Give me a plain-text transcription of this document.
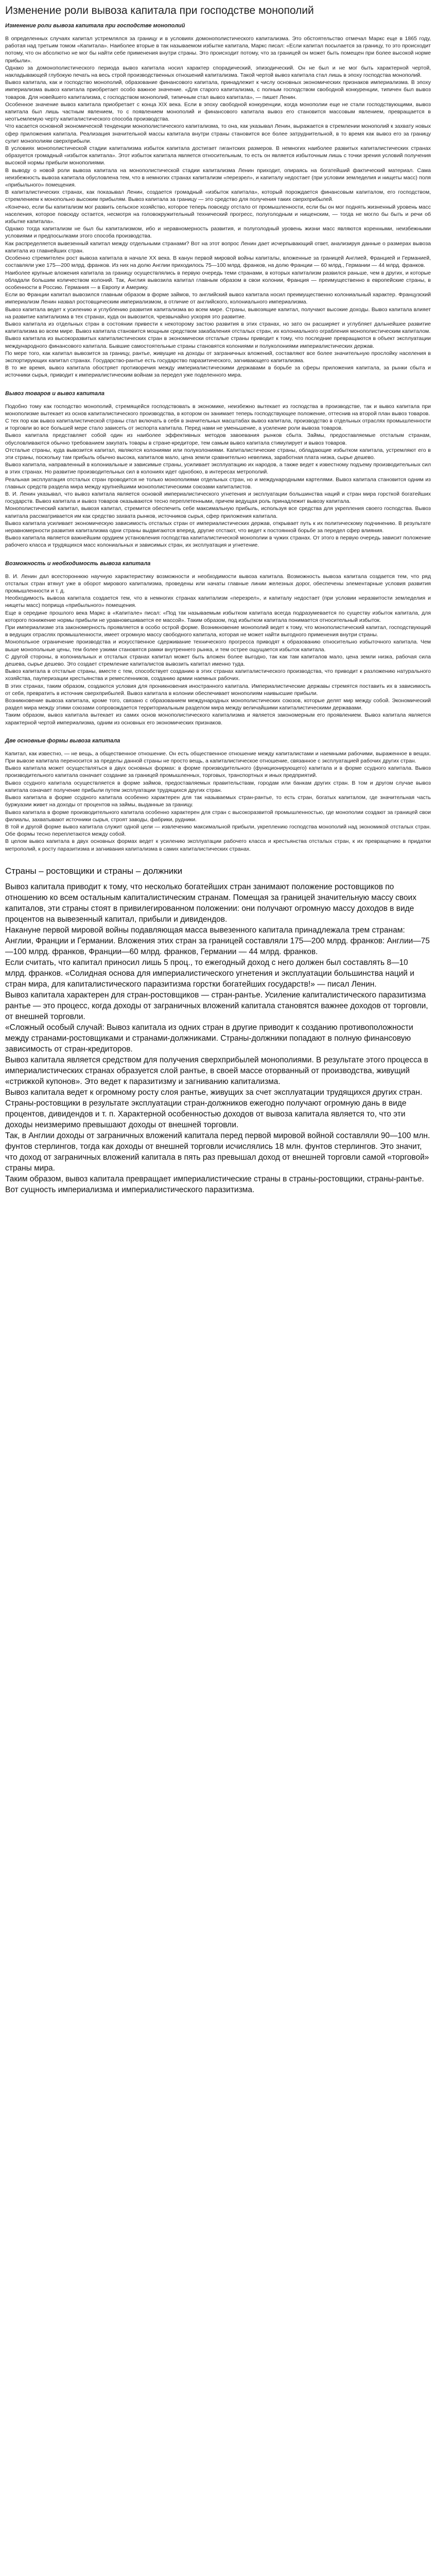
Изменение роли вывоза капитала при господстве монополий
Изменение роли вывоза капитала при господстве монополий

В определенных случаях капитал устремлялся за границу и в условиях домонополистического капитализма. Это обстоятельство отмечал Маркс еще в 1865 году, работая над третьим томом «Капитала». Наиболее вторые в так называемом избытке капитала, Маркс писал: «Если капитал посылается за границу, то это происходит потому, что он абсолютно не мог бы найти себе применения внутри страны. Это происходит потому, что за границей он может быть помещен при более высокой норме прибыли».

Однако за домонополистического периода вывоз капитала носил характер спорадический, эпизодический. Он не был и не мог быть характерной чертой, накладывающей глубокую печать на весь строй производственных отношений капитализма. Такой чертой вывоз капитала стал лишь в эпоху господства монополий.

Вывоз капитала, как и господство монополий, образование финансового капитала, принадлежит к числу основных экономических признаков империализма. В эпоху империализма вывоз капитала приобретает особо важное значение. «Для старого капитализма, с полным господством свободной конкуренции, типичен был вывоз товаров. Для новейшего капитализма, с господством монополий, типичным стал вывоз капитала», — пишет Ленин.

Особенное значение вывоз капитала приобретает с конца XIX века. Если в эпоху свободной конкуренции, когда монополии еще не стали господствующими, вывоз капитала был лишь частным явлением, то с появлением монополий и финансового капитала вывоз его становится массовым явлением, превращается в неотъемлемую черту капиталистического способа производства.

Что касается основной экономической тенденции монополистического капитализма, то она, как указывал Ленин, выражается в стремлении монополий к захвату новых сфер приложения капитала. Реализация значительной массы капитала внутри страны становится все более затруднительной, в то время как вывоз его за границу сулит монополиям сверхприбыли.

В условиях монополистической стадии капитализма избыток капитала достигает гигантских размеров. В немногих наиболее развитых капиталистических странах образуется громадный «избыток капитала». Этот избыток капитала является относительным, то есть он является избыточным лишь с точки зрения условий получения высокой нормы прибыли монополиями.

В выводу о новой роли вывоза капитала на монополистической стадии капитализма Ленин приходит, опираясь на богатейший фактический материал. Сама неизбежность вывоза капитала обусловлена тем, что в немногих странах капитализм «перезрел», и капиталу недостает (при условии земледелия и нищеты масс) поля «прибыльного» помещения.

В капиталистических странах, как показывал Ленин, создается громадный «избыток капитала», который порождается финансовым капиталом, его господством, стремлением к монопольно высоким прибылям. Вывоз капитала за границу — это средство для получения таких сверхприбылей.

«Конечно, если бы капитализм мог развить сельское хозяйство, которое теперь повсюду отстало от промышленности, если бы он мог поднять жизненный уровень масс населения, которое повсюду остается, несмотря на головокружительный технический прогресс, полуголодным и нищенским, — тогда не могло бы быть и речи об избытке капитала».

Однако тогда капитализм не был бы капитализмом, ибо и неравномерность развития, и полуголодный уровень жизни масс являются коренными, неизбежными условиями и предпосылками этого способа производства.

Как распределяется вывезенный капитал между отдельными странами? Вот на этот вопрос Ленин дает исчерпывающий ответ, анализируя данные о размерах вывоза капитала из главнейших стран.

Особенно стремителен рост вывоза капитала в начале XX века. В канун первой мировой войны капиталы, вложенные за границей Англией, Францией и Германией, составляли уже 175—200 млрд. франков. Из них на долю Англии приходилось 75—100 млрд. франков, на долю Франции — 60 млрд., Германии — 44 млрд. франков.

Наиболее крупные вложения капитала за границу осуществлялись в первую очередь теми странами, в которых капитализм развился раньше, чем в других, и которые обладали большим количеством колоний. Так, Англия вывозила капитал главным образом в свои колонии, Франция — преимущественно в европейские страны, в особенности в Россию. Германия — в Европу и Америку.

Если во Франции капитал вывозился главным образом в форме займов, то английский вывоз капитала носил преимущественно колониальный характер. Французский империализм Ленин назвал ростовщическим империализмом, в отличие от английского, колониального империализма.

Вывоз капитала ведет к усилению и углублению развития капитализма во всем мире. Страны, вывозящие капитал, получают высокие доходы. Вывоз капитала влияет на развитие капитализма в тех странах, куда он вывозится, чрезвычайно ускоряя это развитие.

Вывоз капитала из отдельных стран в состоянии привести к некоторому застою развития в этих странах, но зато он расширяет и углубляет дальнейшее развитие капитализма во всем мире. Вывоз капитала становится мощным средством закабаления отсталых стран, их колониального ограбления монополистическим капиталом.

Вывоз капитала из высокоразвитых капиталистических стран в экономически отсталые страны приводит к тому, что последние превращаются в объект эксплуатации международного финансового капитала. Бывшие самостоятельные страны становятся колониями и полуколониями империалистических держав.

По мере того, как капитал вывозится за границу, рантье, живущие на доходы от заграничных вложений, составляют все более значительную прослойку населения в экспортирующих капитал странах. Государство-рантье есть государство паразитического, загнивающего капитализма.

В то же время, вывоз капитала обостряет противоречия между империалистическими державами в борьбе за сферы приложения капитала, за рынки сбыта и источники сырья, приводит к империалистическим войнам за передел уже поделенного мира.

Вывоз товаров и вывоз капитала

Подобно тому как господство монополий, стремящейся господствовать в экономике, неизбежно вытекает из господства в производстве, так и вывоз капитала при монополизме вытекает из основ капиталистического производства, в котором он занимает теперь господствующее положение, оттеснив на второй план вывоз товаров.

С тех пор как вывоз капиталистической страны стал включать в себя в значительных масштабах вывоз капитала, производство в отдельных отраслях промышленности и торговли во все большей мере стало зависеть от экспорта капитала. Перед нами не уменьшение, а усиление роли вывоза товаров.

Вывоз капитала представляет собой один из наиболее эффективных методов завоевания рынков сбыта. Займы, предоставляемые отсталым странам, обусловливаются обычно требованием закупать товары в стране-кредиторе, тем самым вывоз капитала стимулирует и вывоз товаров.

Отсталые страны, куда вывозится капитал, являются колониями или полуколониями. Капиталистические страны, обладающие избытком капитала, устремляют его в эти страны, поскольку там прибыль обычно высока, капиталов мало, цена земли сравнительно невелика, заработная плата низка, сырье дешево.

Вывоз капитала, направленный в колониальные и зависимые страны, усиливает эксплуатацию их народов, а также ведет к известному подъему производительных сил в этих странах. Но развитие производительных сил в колониях идет однобоко, в интересах метрополий.

Реальная эксплуатация отсталых стран проводится не только монополиями отдельных стран, но и международными картелями. Вывоз капитала становится одним из главных средств раздела мира между крупнейшими монополистическими союзами капиталистов.

В. И. Ленин указывал, что вывоз капитала является основой империалистического угнетения и эксплуатации большинства наций и стран мира горсткой богатейших государств. Вывоз капитала и вывоз товаров оказываются тесно переплетенными, причем ведущая роль принадлежит вывозу капитала.

Монополистический капитал, вывозя капитал, стремится обеспечить себе максимальную прибыль, используя все средства для укрепления своего господства. Вывоз капитала рассматривается им как средство захвата рынков, источников сырья, сфер приложения капитала.

Вывоз капитала усиливает экономическую зависимость отсталых стран от империалистических держав, открывает путь к их политическому подчинению. В результате неравномерности развития капитализма одни страны выдвигаются вперед, другие отстают, что ведет к постоянной борьбе за передел сфер влияния.

Вывоз капитала является важнейшим орудием установления господства капиталистической монополии в чужих странах. От этого в первую очередь зависит положение рабочего класса и трудящихся масс колониальных и зависимых стран, их эксплуатация и угнетение.

Возможность и необходимость вывоза капитала

В. И. Ленин дал всестороннюю научную характеристику возможности и необходимости вывоза капитала. Возможность вывоза капитала создается тем, что ряд отсталых стран втянут уже в оборот мирового капитализма, проведены или начаты главные линии железных дорог, обеспечены элементарные условия развития промышленности и т. д.

Необходимость вывоза капитала создается тем, что в немногих странах капитализм «перезрел», и капиталу недостает (при условии неразвитости земледелия и нищеты масс) поприща «прибыльного» помещения.

Еще в середине прошлого века Маркс в «Капитале» писал: «Под так называемым избытком капитала всегда подразумевается по существу избыток капитала, для которого понижение нормы прибыли не уравновешивается ее массой». Таким образом, под избытком капитала понимается относительный избыток.

При империализме эта закономерность проявляется в особо острой форме. Возникновение монополий ведет к тому, что монополистический капитал, господствующий в ведущих отраслях промышленности, имеет огромную массу свободного капитала, которая не может найти выгодного применения внутри страны.

Монопольное ограничение производства и искусственное сдерживание технического прогресса приводят к образованию относительно избыточного капитала. Чем выше монопольные цены, тем более узкими становятся рамки внутреннего рынка, и тем острее ощущается избыток капитала.

С другой стороны, в колониальных и отсталых странах капитал может быть вложен более выгодно, так как там капиталов мало, цена земли низка, рабочая сила дешева, сырье дешево. Это создает стремление капиталистов вывозить капитал именно туда.

Вывоз капитала в отсталые страны, вместе с тем, способствует созданию в этих странах капиталистического производства, что приводит к разложению натурального хозяйства, пауперизации крестьянства и ремесленников, созданию армии наемных рабочих.

В этих странах, таким образом, создаются условия для проникновения иностранного капитала. Империалистические державы стремятся поставить их в зависимость от себя, превратить в источник сверхприбылей. Вывоз капитала в колонии обеспечивает монополиям наивысшие прибыли.

Возникновение вывоза капитала, кроме того, связано с образованием международных монополистических союзов, которые делят мир между собой. Экономический раздел мира между этими союзами сопровождается территориальным разделом мира между величайшими капиталистическими державами.

Таким образом, вывоз капитала вытекает из самих основ монополистического капитализма и является закономерным его проявлением. Вывоз капитала является характерной чертой империализма, одним из основных его экономических признаков.

Две основные формы вывоза капитала

Капитал, как известно, — не вещь, а общественное отношение. Он есть общественное отношение между капиталистами и наемными рабочими, выраженное в вещах. При вывозе капитала переносится за пределы данной страны не просто вещь, а капиталистическое отношение, связанное с эксплуатацией рабочих других стран.

Вывоз капитала может осуществляться в двух основных формах: в форме производительного (функционирующего) капитала и в форме ссудного капитала. Вывоз производительного капитала означает создание за границей промышленных, торговых, транспортных и иных предприятий.

Вывоз ссудного капитала осуществляется в форме займов, предоставляемых правительствам, городам или банкам других стран. В том и другом случае вывоз капитала означает получение прибыли путем эксплуатации трудящихся других стран.

Вывоз капитала в форме ссудного капитала особенно характерен для так называемых стран-рантье, то есть стран, богатых капиталом, где значительная часть буржуазии живет на доходы от процентов на займы, выданные за границу.

Вывоз капитала в форме производительного капитала особенно характерен для стран с высокоразвитой промышленностью, где монополии создают за границей свои филиалы, захватывают источники сырья, строят заводы, фабрики, рудники.

В той и другой форме вывоз капитала служит одной цели — извлечению максимальной прибыли, укреплению господства монополий над экономикой отсталых стран. Обе формы тесно переплетаются между собой.

В целом вывоз капитала в двух основных формах ведет к усилению эксплуатации рабочего класса и крестьянства отсталых стран, к их превращению в придатки метрополий, к росту паразитизма и загнивания капитализма в самих капиталистических странах.

Страны – ростовщики и страны – должники

Вывоз капитала приводит к тому, что несколько богатейших стран занимают положение ростовщиков по отношению ко всем остальным капиталистическим странам. Помещая за границей значительную массу своих капиталов, эти страны стоят в привилегированном положении: они получают огромную массу доходов в виде процентов на вывезенный капитал, прибыли и дивидендов.

Накануне первой мировой войны подавляющая масса вывезенного капитала принадлежала трем странам: Англии, Франции и Германии. Вложения этих стран за границей составляли 175—200 млрд. франков: Англии—75—100 млрд. франков, Франции—60 млрд. франков, Германии — 44 млрд. франков.

Если считать, что капитал приносил лишь 5 проц., то ежегодный доход с него должен был составлять 8—10 млрд. франков. «Солидная основа для империалистического угнетения и эксплуатации большинства наций и стран мира, для капиталистического паразитизма горстки богатейших государств!» — писал Ленин.

Вывоз капитала характерен для стран-ростовщиков — стран-рантье. Усиление капиталистического паразитизма рантье — это процесс, когда доходы от заграничных вложений капитала становятся важнее доходов от торговли, от внешней торговли.

«Сложный особый случай: Вывоз капитала из одних стран в другие приводит к созданию противоположности между странами-ростовщиками и странами-должниками. Страны-должники попадают в полную финансовую зависимость от стран-кредиторов.

Вывоз капитала является средством для получения сверхприбылей монополиями. В результате этого процесса в империалистических странах образуется слой рантье, в своей массе оторванный от производства, живущий «стрижкой купонов». Это ведет к паразитизму и загниванию капитализма.

Вывоз капитала ведет к огромному росту слоя рантье, живущих за счет эксплуатации трудящихся других стран. Страны-ростовщики в результате эксплуатации стран-должников ежегодно получают огромную дань в виде процентов, дивидендов и т. п. Характерной особенностью доходов от вывоза капитала является то, что эти доходы неизмеримо превышают доходы от внешней торговли.

Так, в Англии доходы от заграничных вложений капитала перед первой мировой войной составляли 90—100 млн. фунтов стерлингов, тогда как доходы от внешней торговли исчислялись 18 млн. фунтов стерлингов. Это значит, что доход от заграничных вложений капитала в пять раз превышал доход от внешней торговли самой «торговой» страны мира.

Таким образом, вывоз капитала превращает империалистические страны в страны-ростовщики, страны-рантье. Вот сущность империализма и империалистического паразитизма.
